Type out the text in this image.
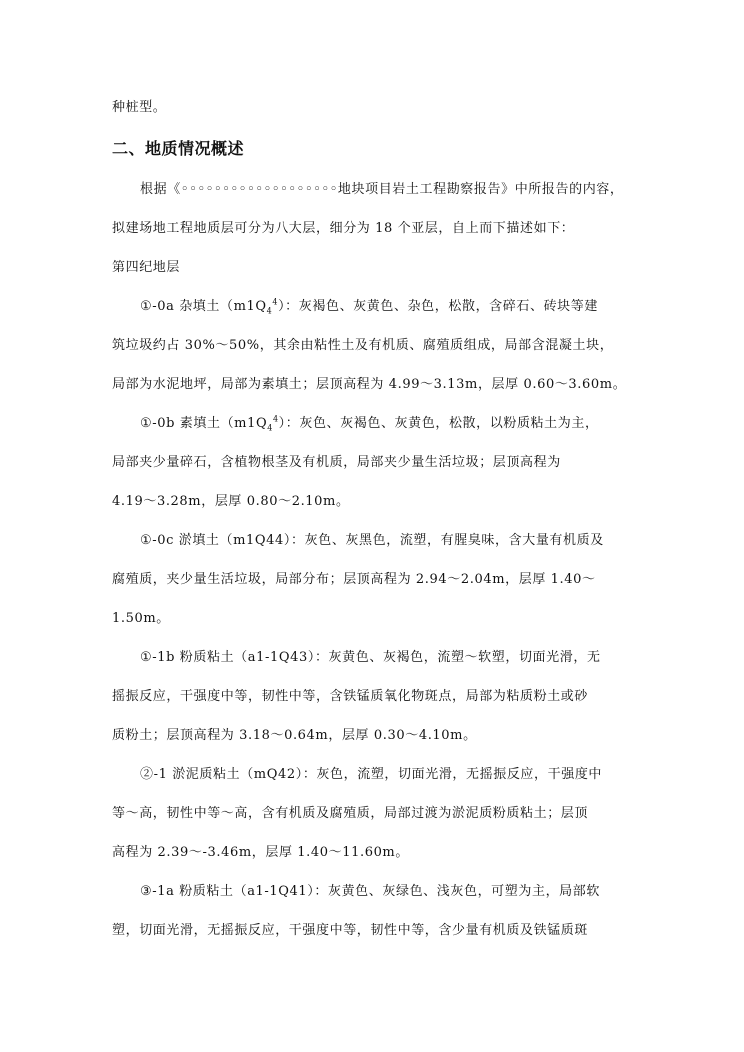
种桩型。
二、地质情况概述
根据《◦◦◦◦◦◦◦◦◦◦◦◦◦◦◦◦◦◦◦地块项目岩土工程勘察报告》中所报告的内容，
拟建场地工程地质层可分为八大层，细分为 18 个亚层，自上而下描述如下：
第四纪地层
①-0a 杂填土$(m1Q_4^4)$：灰褐色、灰黄色、杂色，松散，含碎石、砖块等建
筑垃圾约占 30%～50%，其余由粘性土及有机质、腐殖质组成，局部含混凝土块，
局部为水泥地坪，局部为素填土；层顶高程为 4.99～3.13m，层厚 0.60～3.60m。
①-0b 素填土$(m1Q_4^4)$：灰色、灰褐色、灰黄色，松散，以粉质粘土为主，
局部夹少量碎石，含植物根茎及有机质，局部夹少量生活垃圾；层顶高程为
4.19～3.28m，层厚 0.80～2.10m。
①-0c 淤填土（m1Q44）：灰色、灰黑色，流塑，有腥臭味，含大量有机质及
腐殖质，夹少量生活垃圾，局部分布；层顶高程为 2.94～2.04m，层厚 1.40～
1.50m。
①-1b 粉质粘土（a1-1Q43）：灰黄色、灰褐色，流塑～软塑，切面光滑，无
摇振反应，干强度中等，韧性中等，含铁锰质氧化物斑点，局部为粘质粉土或砂
质粉土；层顶高程为 3.18～0.64m，层厚 0.30～4.10m。
②-1 淤泥质粘土（mQ42）：灰色，流塑，切面光滑，无摇振反应，干强度中
等～高，韧性中等～高，含有机质及腐殖质，局部过渡为淤泥质粉质粘土；层顶
高程为 2.39～-3.46m，层厚 1.40～11.60m。
③-1a 粉质粘土（a1-1Q41）：灰黄色、灰绿色、浅灰色，可塑为主，局部软
塑，切面光滑，无摇振反应，干强度中等，韧性中等，含少量有机质及铁锰质斑
